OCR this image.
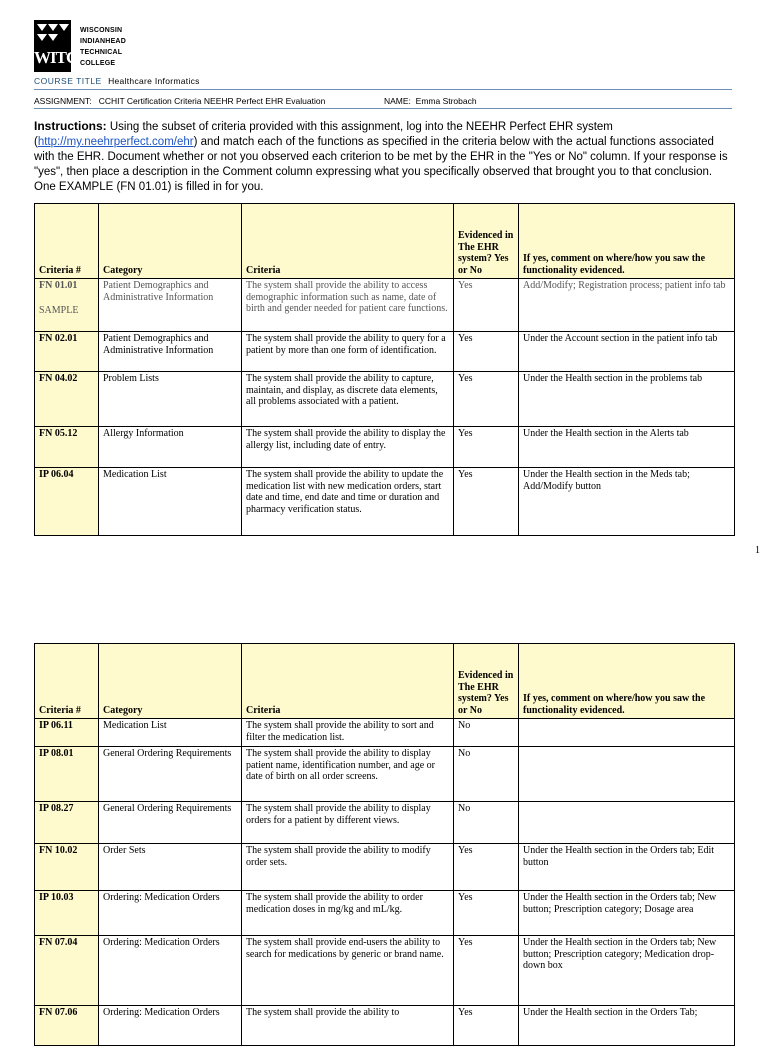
WITC
WISCONSIN
INDIANHEAD
TECHNICAL
COLLEGE
COURSE TITLE Healthcare Informatics
ASSIGNMENT: CCHIT Certification Criteria NEEHR Perfect EHR Evaluation	NAME: Emma Strobach
Instructions: Using the subset of criteria provided with this assignment, log into the NEEHR Perfect EHR system (http://my.neehrperfect.com/ehr) and match each of the functions as specified in the criteria below with the actual functions associated with the EHR. Document whether or not you observed each criterion to be met by the EHR in the "Yes or No" column. If your response is "yes", then place a description in the Comment column expressing what you specifically observed that brought you to that conclusion. One EXAMPLE (FN 01.01) is filled in for you.
Criteria #	Category	Criteria	Evidenced in The EHR system? Yes or No	If yes, comment on where/how you saw the functionality evidenced.

FN 01.01
SAMPLE	Patient Demographics and Administrative Information	The system shall provide the ability to access demographic information such as name, date of birth and gender needed for patient care functions.	Yes	Add/Modify; Registration process; patient info tab
FN 02.01	Patient Demographics and Administrative Information	The system shall provide the ability to query for a patient by more than one form of identification.	Yes	Under the Account section in the patient info tab
FN 04.02	Problem Lists	The system shall provide the ability to capture, maintain, and display, as discrete data elements, all problems associated with a patient.	Yes	Under the Health section in the problems tab
FN 05.12	Allergy Information	The system shall provide the ability to display the allergy list, including date of entry.	Yes	Under the Health section in the Alerts tab
IP 06.04	Medication List	The system shall provide the ability to update the medication list with new medication orders, start date and time, end date and time or duration and pharmacy verification status.	Yes	Under the Health section in the Meds tab; Add/Modify button
1
Criteria #	Category	Criteria	Evidenced in The EHR system? Yes or No	If yes, comment on where/how you saw the functionality evidenced.
IP 06.11	Medication List	The system shall provide the ability to sort and filter the medication list.	No	
IP 08.01	General Ordering Requirements	The system shall provide the ability to display patient name, identification number, and age or date of birth on all order screens.	No	
IP 08.27	General Ordering Requirements	The system shall provide the ability to display orders for a patient by different views.	No	
FN 10.02	Order Sets	The system shall provide the ability to modify order sets.	Yes	Under the Health section in the Orders tab; Edit button
IP 10.03	Ordering: Medication Orders	The system shall provide the ability to order medication doses in mg/kg and mL/kg.	Yes	Under the Health section in the Orders tab; New button; Prescription category; Dosage area
FN 07.04	Ordering: Medication Orders	The system shall provide end-users the ability to search for medications by generic or brand name.	Yes	Under the Health section in the Orders tab; New button; Prescription category; Medication drop-down box
FN 07.06	Ordering: Medication Orders	The system shall provide the ability to	Yes	Under the Health section in the Orders Tab;
